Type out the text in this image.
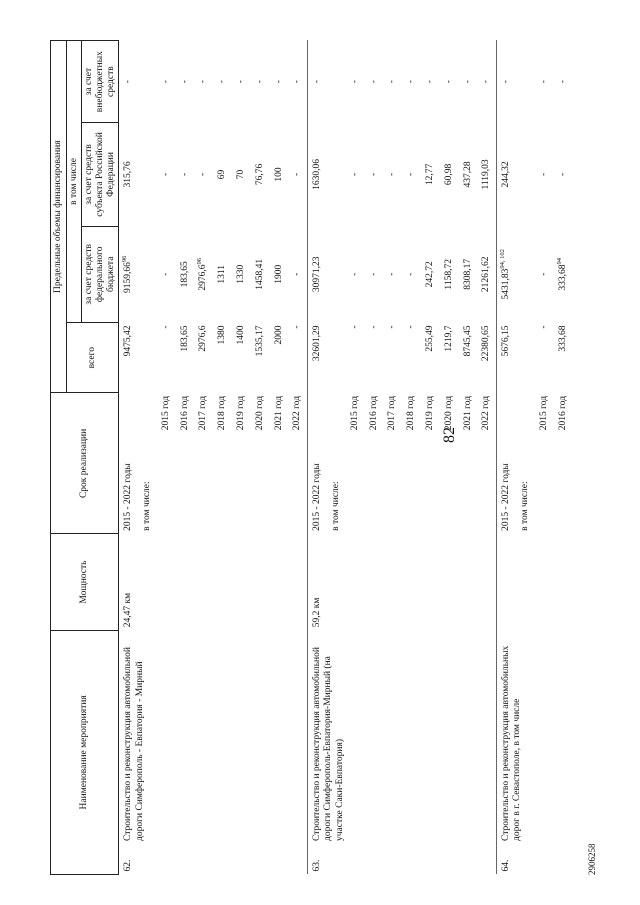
82
2906258
Наименование мероприятия		Мощность	Срок реализации	Предельные объемы финансирования			
				всего	в том числе		
					за счет средств федерального бюджета	за счет средств субъекта Российской Федерации	за счет внебюджетных средств
62.	Строительство и реконструкция автомобильной дороги Симферополь - Евпатория - Мирный	24,47 км	2015 - 2022 годы	9475,42	9159,66$^{96}$	315,76	-
			в том числе:				
			2015 год	-	-	-	-
			2016 год	183,65	183,65	-	-
			2017 год	2976,6	2976,6$^{96}$	-	-
			2018 год	1380	1311	69	-
			2019 год	1400	1330	70	-
			2020 год	1535,17	1458,41	76,76	-
			2021 год	2000	1900	100	-
			2022 год	-	-	-	-
63.	Строительство и реконструкция автомобильной дороги Симферополь-Евпатория-Мирный (на участке Саки-Евпатория)	59,2 км	2015 - 2022 годы	32601,29	30971,23	1630,06	-
			в том числе:				
			2015 год	-	-	-	-
			2016 год	-	-	-	-
			2017 год	-	-	-	-
			2018 год	-	-	-	-
			2019 год	255,49	242,72	12,77	-
			2020 год	1219,7	1158,72	60,98	-
			2021 год	8745,45	8308,17	437,28	-
			2022 год	22380,65	21261,62	1119,03	-
64.	Строительство и реконструкция автомобильных дорог в г. Севастополе, в том числе		2015 - 2022 годы	5676,15	5431,83$^{94, 102}$	244,32	-
			в том числе:				
			2015 год	-	-	-	-
			2016 год	333,68	333,68$^{94}$	-	-
